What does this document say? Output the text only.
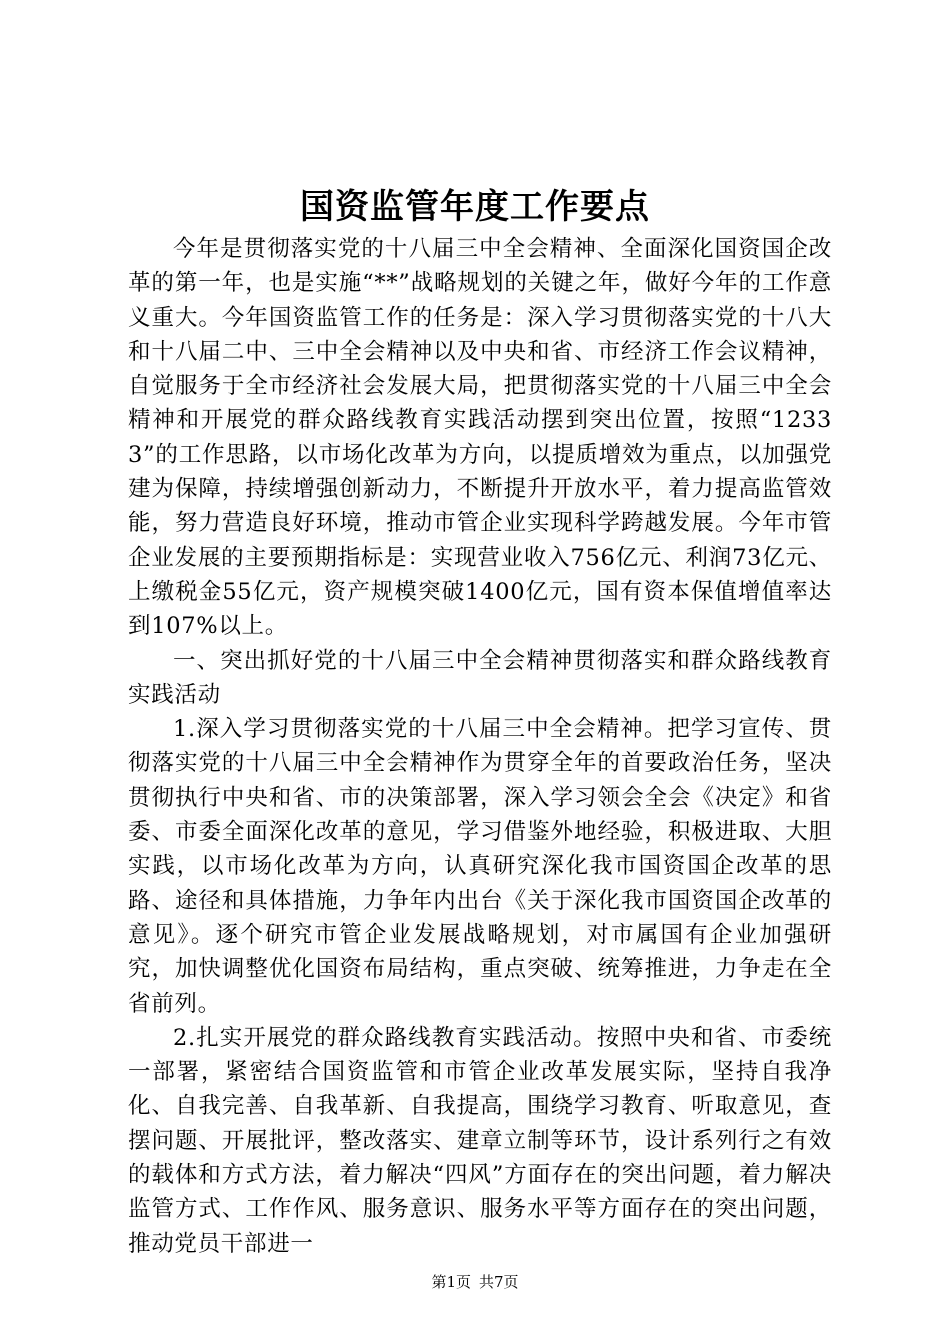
国资监管年度工作要点

今年是贯彻落实党的十八届三中全会精神、全面深化国资国企改革的第一年，也是实施“**”战略规划的关键之年，做好今年的工作意义重大。今年国资监管工作的任务是：深入学习贯彻落实党的十八大和十八届二中、三中全会精神以及中央和省、市经济工作会议精神，自觉服务于全市经济社会发展大局，把贯彻落实党的十八届三中全会精神和开展党的群众路线教育实践活动摆到突出位置，按照“12333”的工作思路，以市场化改革为方向，以提质增效为重点，以加强党建为保障，持续增强创新动力，不断提升开放水平，着力提高监管效能，努力营造良好环境，推动市管企业实现科学跨越发展。今年市管企业发展的主要预期指标是：实现营业收入756亿元、利润73亿元、上缴税金55亿元，资产规模突破1400亿元，国有资本保值增值率达到107%以上。

一、突出抓好党的十八届三中全会精神贯彻落实和群众路线教育实践活动

1.深入学习贯彻落实党的十八届三中全会精神。把学习宣传、贯彻落实党的十八届三中全会精神作为贯穿全年的首要政治任务，坚决贯彻执行中央和省、市的决策部署，深入学习领会全会《决定》和省委、市委全面深化改革的意见，学习借鉴外地经验，积极进取、大胆实践，以市场化改革为方向，认真研究深化我市国资国企改革的思路、途径和具体措施，力争年内出台《关于深化我市国资国企改革的意见》。逐个研究市管企业发展战略规划，对市属国有企业加强研究，加快调整优化国资布局结构，重点突破、统筹推进，力争走在全省前列。

2.扎实开展党的群众路线教育实践活动。按照中央和省、市委统一部署，紧密结合国资监管和市管企业改革发展实际，坚持自我净化、自我完善、自我革新、自我提高，围绕学习教育、听取意见，查摆问题、开展批评，整改落实、建章立制等环节，设计系列行之有效的载体和方式方法，着力解决“四风”方面存在的突出问题，着力解决监管方式、工作作风、服务意识、服务水平等方面存在的突出问题，推动党员干部进一

第1页 共7页
